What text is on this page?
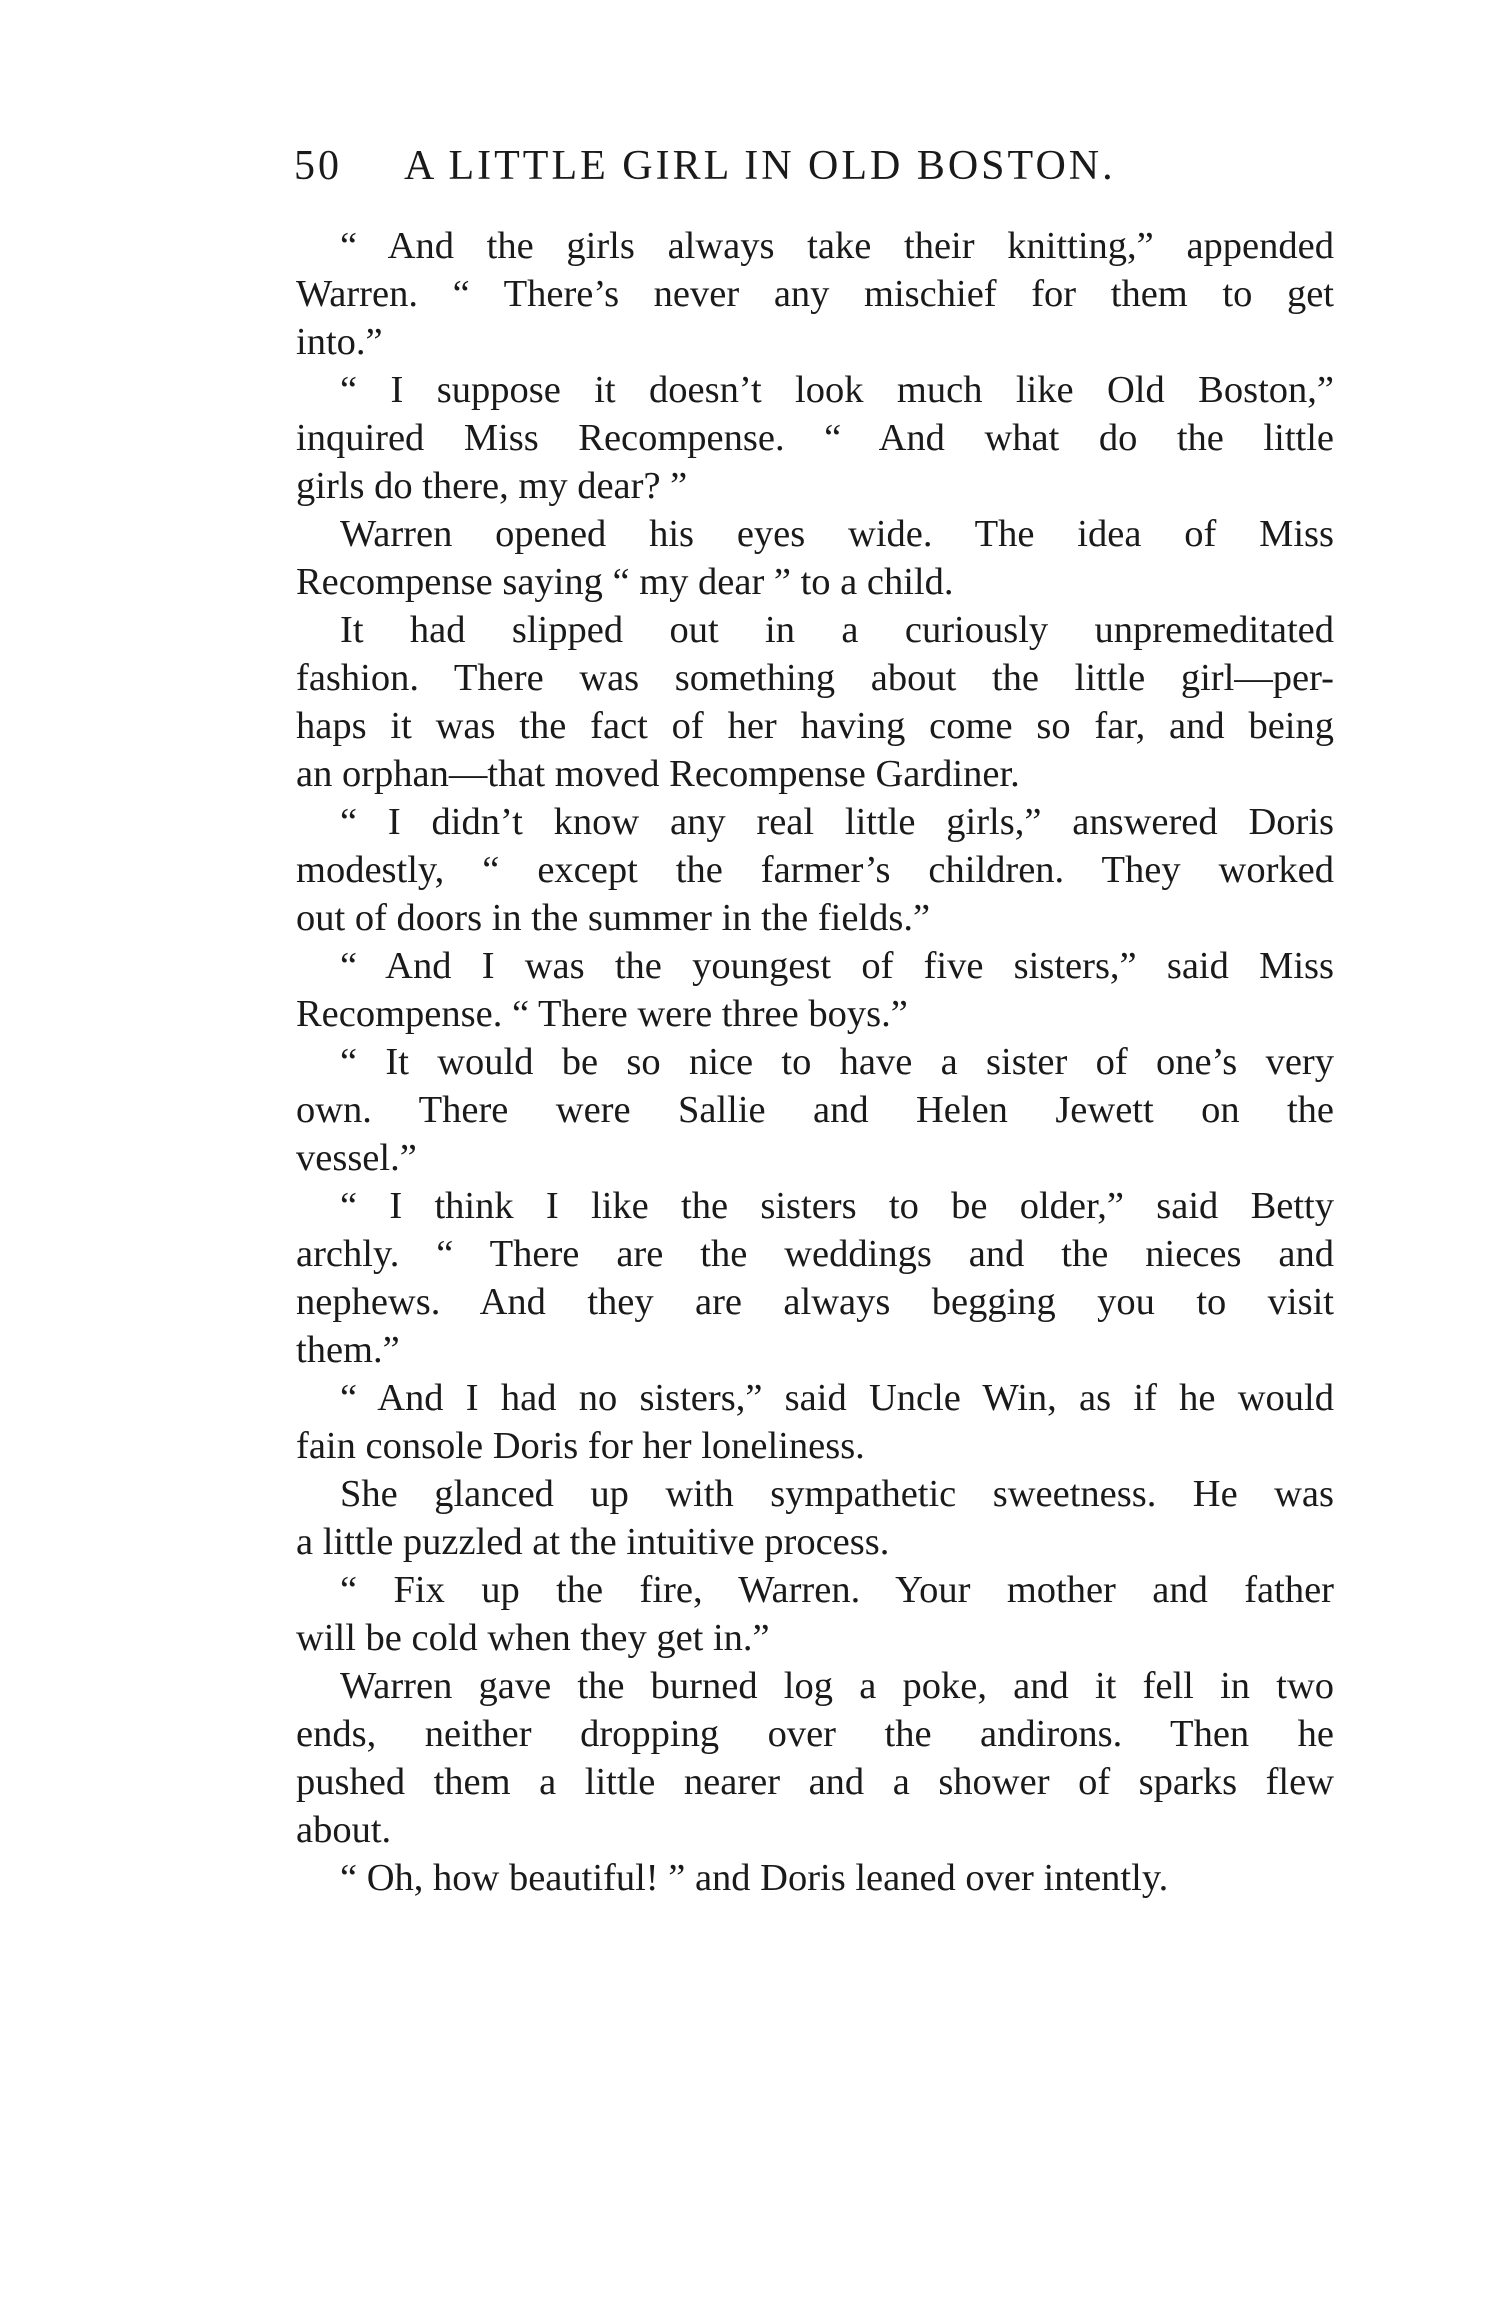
50 A LITTLE GIRL IN OLD BOSTON.
“ And the girls always take their knitting,” appended
Warren. “ There’s never any mischief for them to get
into.”
“ I suppose it doesn’t look much like Old Boston,”
inquired Miss Recompense. “ And what do the little
girls do there, my dear? ”
Warren opened his eyes wide. The idea of Miss
Recompense saying “ my dear ” to a child.
It had slipped out in a curiously unpremeditated
fashion. There was something about the little girl—per-
haps it was the fact of her having come so far, and being
an orphan—that moved Recompense Gardiner.
“ I didn’t know any real little girls,” answered Doris
modestly, “ except the farmer’s children. They worked
out of doors in the summer in the fields.”
“ And I was the youngest of five sisters,” said Miss
Recompense. “ There were three boys.”
“ It would be so nice to have a sister of one’s very
own. There were Sallie and Helen Jewett on the
vessel.”
“ I think I like the sisters to be older,” said Betty
archly. “ There are the weddings and the nieces and
nephews. And they are always begging you to visit
them.”
“ And I had no sisters,” said Uncle Win, as if he would
fain console Doris for her loneliness.
She glanced up with sympathetic sweetness. He was
a little puzzled at the intuitive process.
“ Fix up the fire, Warren. Your mother and father
will be cold when they get in.”
Warren gave the burned log a poke, and it fell in two
ends, neither dropping over the andirons. Then he
pushed them a little nearer and a shower of sparks flew
about.
“ Oh, how beautiful! ” and Doris leaned over intently.
